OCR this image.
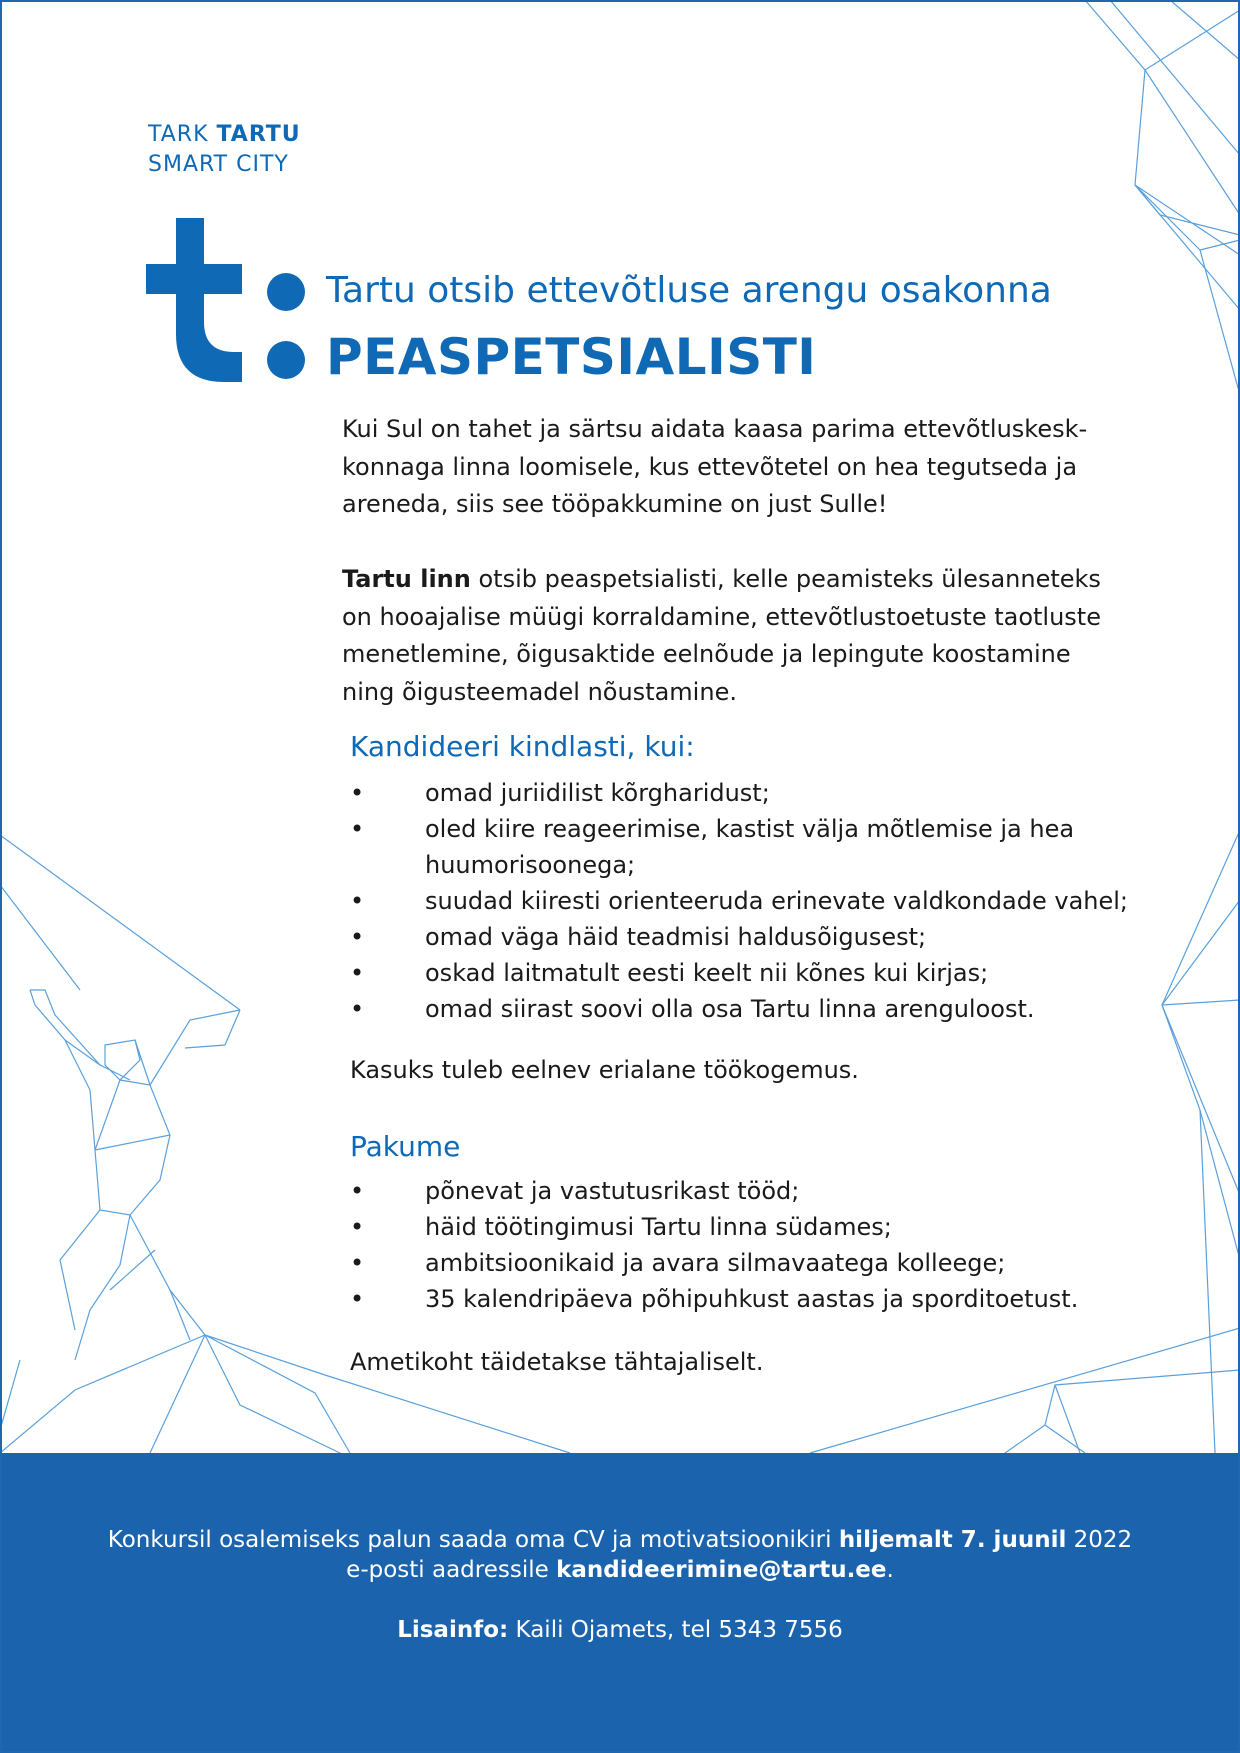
TARK TARTU
SMART CITY
Tartu otsib ettevõtluse arengu osakonna
PEASPETSIALISTI
Kui Sul on tahet ja särtsu aidata kaasa parima ettevõtluskesk-
konnaga linna loomisele, kus ettevõtetel on hea tegutseda ja
areneda, siis see tööpakkumine on just Sulle!
Tartu linn otsib peaspetsialisti, kelle peamisteks ülesanneteks
on hooajalise müügi korraldamine, ettevõtlustoetuste taotluste
menetlemine, õigusaktide eelnõude ja lepingute koostamine
ning õigusteemadel nõustamine.
Kandideeri kindlasti, kui:
•	omad juriidilist kõrgharidust;
•	oled kiire reageerimise, kastist välja mõtlemise ja hea huumorisoonega;
•	suudad kiiresti orienteeruda erinevate valdkondade vahel;
•	omad väga häid teadmisi haldusõigusest;
•	oskad laitmatult eesti keelt nii kõnes kui kirjas;
•	omad siirast soovi olla osa Tartu linna arenguloost.
Kasuks tuleb eelnev erialane töökogemus.
Pakume
•	põnevat ja vastutusrikast tööd;
•	häid töötingimusi Tartu linna südames;
•	ambitsioonikaid ja avara silmavaatega kolleege;
•	35 kalendripäeva põhipuhkust aastas ja sporditoetust.
Ametikoht täidetakse tähtajaliselt.
Konkursil osalemiseks palun saada oma CV ja motivatsioonikiri hiljemalt 7. juunil 2022
e-posti aadressile kandideerimine@tartu.ee.
Lisainfo: Kaili Ojamets, tel 5343 7556
